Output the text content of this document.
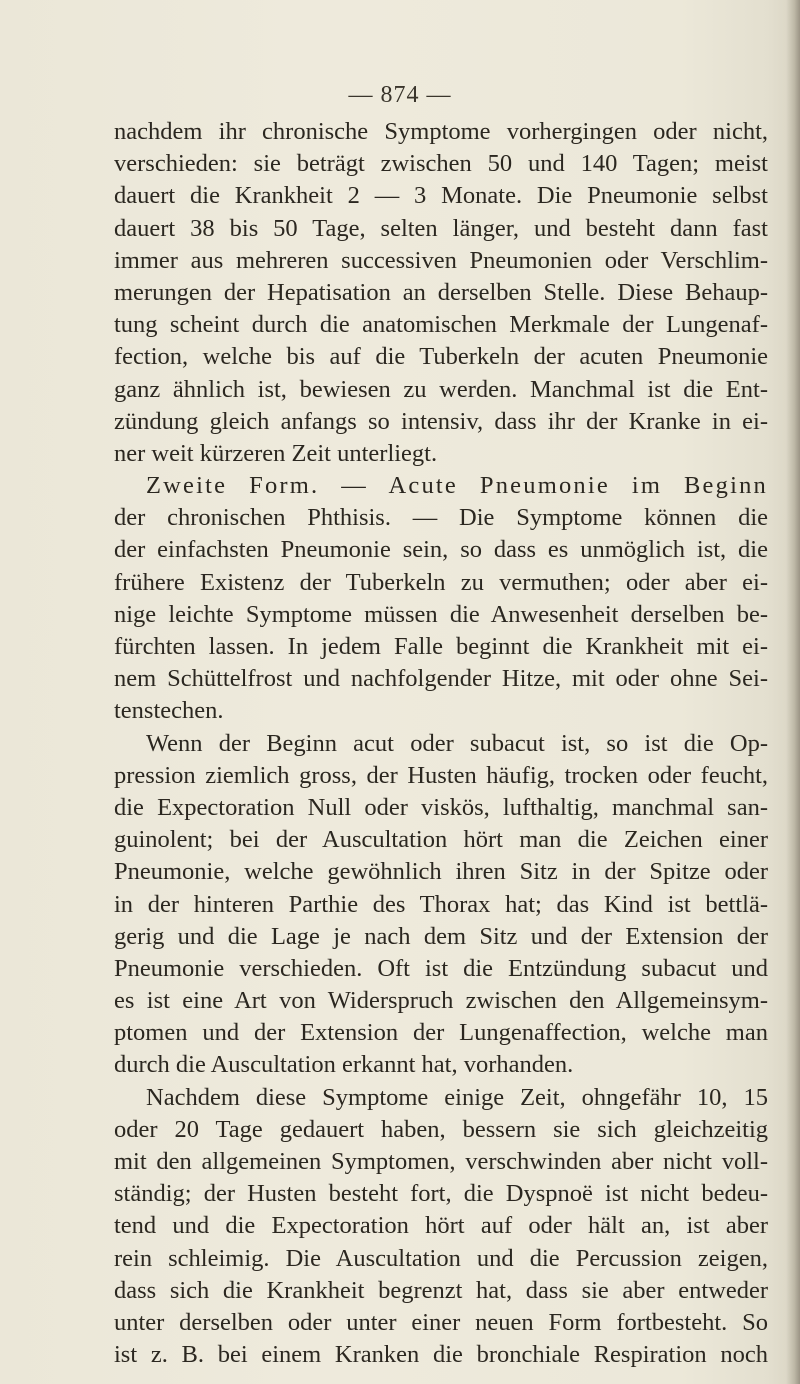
— 874 —
nachdem ihr chronische Symptome vorhergingen oder nicht,
verschieden: sie beträgt zwischen 50 und 140 Tagen; meist
dauert die Krankheit 2 — 3 Monate. Die Pneumonie selbst
dauert 38 bis 50 Tage, selten länger, und besteht dann fast
immer aus mehreren successiven Pneumonien oder Verschlim-
merungen der Hepatisation an derselben Stelle. Diese Behaup-
tung scheint durch die anatomischen Merkmale der Lungenaf-
fection, welche bis auf die Tuberkeln der acuten Pneumonie
ganz ähnlich ist, bewiesen zu werden. Manchmal ist die Ent-
zündung gleich anfangs so intensiv, dass ihr der Kranke in ei-
ner weit kürzeren Zeit unterliegt.
Zweite Form. — Acute Pneumonie im Beginn
der chronischen Phthisis. — Die Symptome können die
der einfachsten Pneumonie sein, so dass es unmöglich ist, die
frühere Existenz der Tuberkeln zu vermuthen; oder aber ei-
nige leichte Symptome müssen die Anwesenheit derselben be-
fürchten lassen. In jedem Falle beginnt die Krankheit mit ei-
nem Schüttelfrost und nachfolgender Hitze, mit oder ohne Sei-
tenstechen.
Wenn der Beginn acut oder subacut ist, so ist die Op-
pression ziemlich gross, der Husten häufig, trocken oder feucht,
die Expectoration Null oder viskös, lufthaltig, manchmal san-
guinolent; bei der Auscultation hört man die Zeichen einer
Pneumonie, welche gewöhnlich ihren Sitz in der Spitze oder
in der hinteren Parthie des Thorax hat; das Kind ist bettlä-
gerig und die Lage je nach dem Sitz und der Extension der
Pneumonie verschieden. Oft ist die Entzündung subacut und
es ist eine Art von Widerspruch zwischen den Allgemeinsym-
ptomen und der Extension der Lungenaffection, welche man
durch die Auscultation erkannt hat, vorhanden.
Nachdem diese Symptome einige Zeit, ohngefähr 10, 15
oder 20 Tage gedauert haben, bessern sie sich gleichzeitig
mit den allgemeinen Symptomen, verschwinden aber nicht voll-
ständig; der Husten besteht fort, die Dyspnoë ist nicht bedeu-
tend und die Expectoration hört auf oder hält an, ist aber
rein schleimig. Die Auscultation und die Percussion zeigen,
dass sich die Krankheit begrenzt hat, dass sie aber entweder
unter derselben oder unter einer neuen Form fortbesteht. So
ist z. B. bei einem Kranken die bronchiale Respiration noch
